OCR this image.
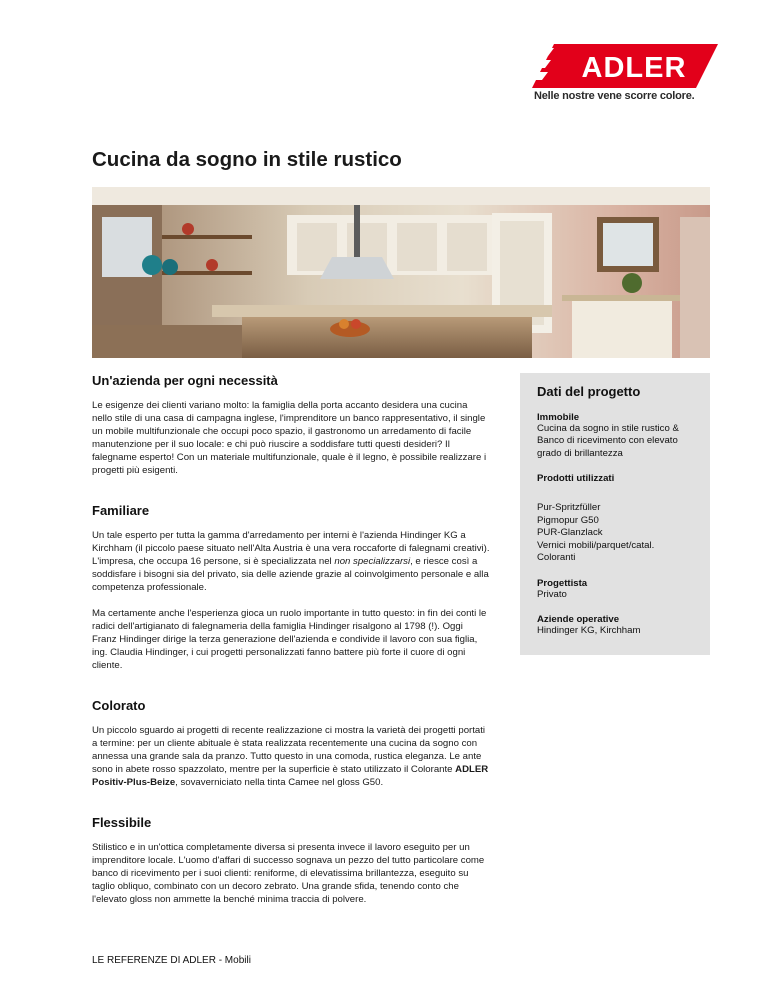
ADLER
Nelle nostre vene scorre colore.
Cucina da sogno in stile rustico
Un'azienda per ogni necessità

Le esigenze dei clienti variano molto: la famiglia della porta accanto desidera una cucina nello stile di una casa di campagna inglese, l'imprenditore un banco rappresentativo, il single un mobile multifunzionale che occupi poco spazio, il gastronomo un arredamento di facile manutenzione per il suo locale: e chi può riuscire a soddisfare tutti questi desideri? Il falegname esperto! Con un materiale multifunzionale, quale è il legno, è possibile realizzare i progetti più esigenti.

Familiare

Un tale esperto per tutta la gamma d'arredamento per interni è l'azienda Hindinger KG a Kirchham (il piccolo paese situato nell'Alta Austria è una vera roccaforte di falegnami creativi). L'impresa, che occupa 16 persone, si è specializzata nel non specializzarsi, e riesce così a soddisfare i bisogni sia del privato, sia delle aziende grazie al coinvolgimento personale e alla competenza professionale.

Ma certamente anche l'esperienza gioca un ruolo importante in tutto questo: in fin dei conti le radici dell'artigianato di falegnameria della famiglia Hindinger risalgono al 1798 (!). Oggi Franz Hindinger dirige la terza generazione dell'azienda e condivide il lavoro con sua figlia, ing. Claudia Hindinger, i cui progetti personalizzati fanno battere più forte il cuore di ogni cliente.

Colorato

Un piccolo sguardo ai progetti di recente realizzazione ci mostra la varietà dei progetti portati a termine: per un cliente abituale è stata realizzata recentemente una cucina da sogno con annessa una grande sala da pranzo. Tutto questo in una comoda, rustica eleganza. Le ante sono in abete rosso spazzolato, mentre per la superficie è stato utilizzato il Colorante ADLER Positiv-Plus-Beize, sovaverniciato nella tinta Camee nel gloss G50.

Flessibile

Stilistico e in un'ottica completamente diversa si presenta invece il lavoro eseguito per un imprenditore locale. L'uomo d'affari di successo sognava un pezzo del tutto particolare come banco di ricevimento per i suoi clienti: reniforme, di elevatissima brillantezza, eseguito su taglio obliquo, combinato con un decoro zebrato. Una grande sfida, tenendo conto che l'elevato gloss non ammette la benché minima traccia di polvere.

Dati del progetto
Immobile
Cucina da sogno in stile rustico & Banco di ricevimento con elevato grado di brillantezza
Prodotti utilizzati
Pur-Spritzfüller
Pigmopur G50
PUR-Glanzlack
Vernici mobili/parquet/catal.
Coloranti
Progettista
Privato
Aziende operative
Hindinger KG, Kirchham
LE REFERENZE DI ADLER - Mobili
